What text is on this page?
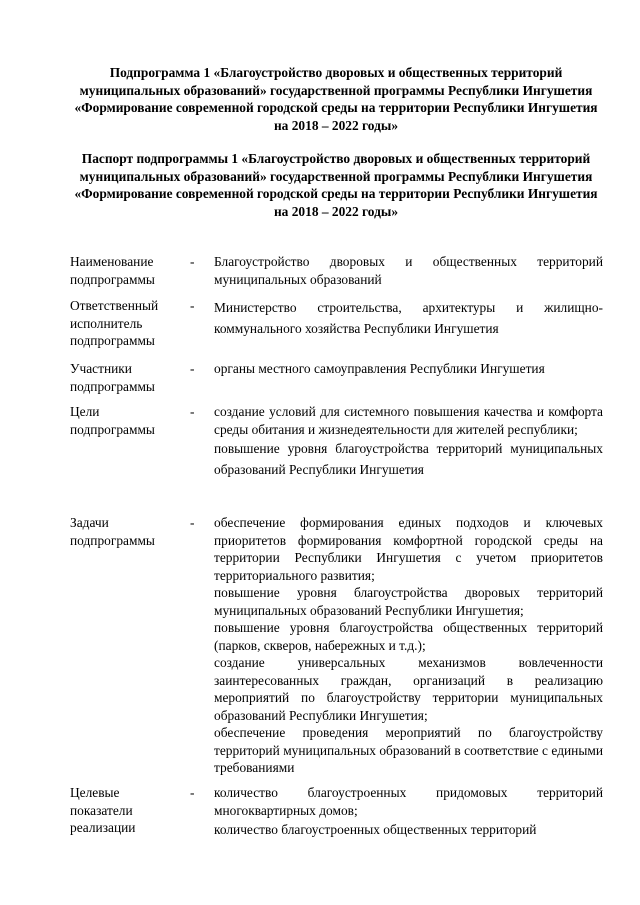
Подпрограмма 1 «Благоустройство дворовых и общественных территорий муниципальных образований» государственной программы Республики Ингушетия «Формирование современной городской среды на территории Республики Ингушетия на 2018 – 2022 годы»
Паспорт подпрограммы 1 «Благоустройство дворовых и общественных территорий муниципальных образований» государственной программы Республики Ингушетия «Формирование современной городской среды на территории Республики Ингушетия на 2018 – 2022 годы»
Наименование подпрограммы
- Благоустройство дворовых и общественных территорий муниципальных образований

Ответственный исполнитель подпрограммы
- Министерство строительства, архитектуры и жилищно-коммунального хозяйства Республики Ингушетия

Участники подпрограммы
- органы местного самоуправления Республики Ингушетия

Цели подпрограммы
- создание условий для системного повышения качества и комфорта среды обитания и жизнедеятельности для жителей республики;

повышение уровня благоустройства территорий муниципальных образований Республики Ингушетия

Задачи подпрограммы
- обеспечение формирования единых подходов и ключевых приоритетов формирования комфортной городской среды на территории Республики Ингушетия с учетом приоритетов территориального развития;

повышение уровня благоустройства дворовых территорий муниципальных образований Республики Ингушетия;

повышение уровня благоустройства общественных территорий (парков, скверов, набережных и т.д.);

создание универсальных механизмов вовлеченности заинтересованных граждан, организаций в реализацию мероприятий по благоустройству территории муниципальных образований Республики Ингушетия;

обеспечение проведения мероприятий по благоустройству территорий муниципальных образований в соответствие с едиными требованиями

Целевые показатели реализации
- количество благоустроенных придомовых территорий многоквартирных домов;

количество благоустроенных общественных территорий
